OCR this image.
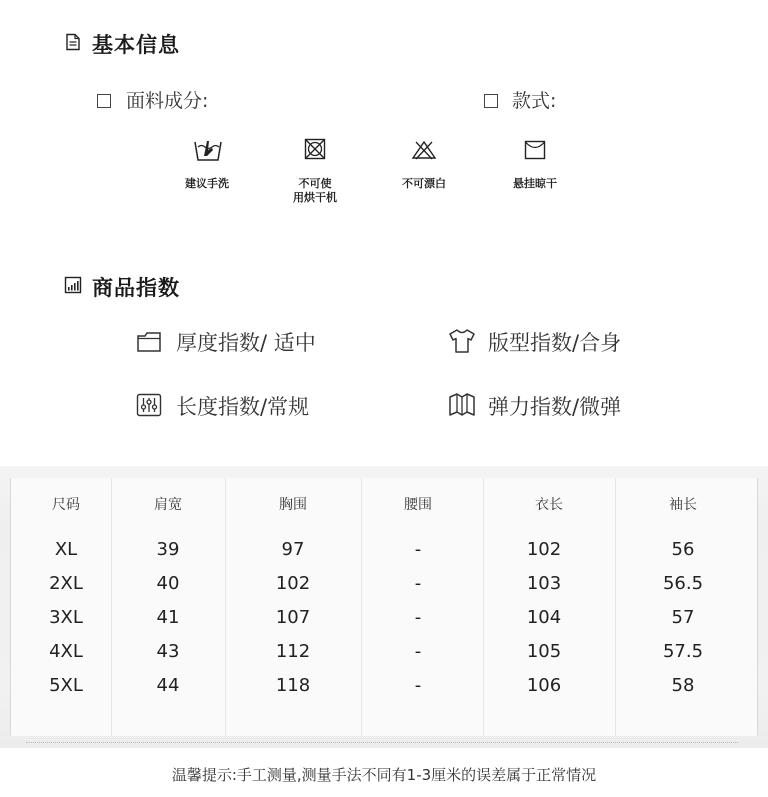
基本信息
面料成分:	款式:
建议手洗	不可使
用烘干机
不可漂白	悬挂晾干
商品指数
厚度指数/ 适中	版型指数/合身
长度指数/常规	弹力指数/微弹
尺码	肩宽	胸围	腰围	衣长	袖长
XL	39	97	-	102	56
2XL	40	102	-	103	56.5
3XL	41	107	-	104	57
4XL	43	112	-	105	57.5
5XL	44	118	-	106	58
温馨提示:手工测量,测量手法不同有1-3厘米的误差属于正常情况
